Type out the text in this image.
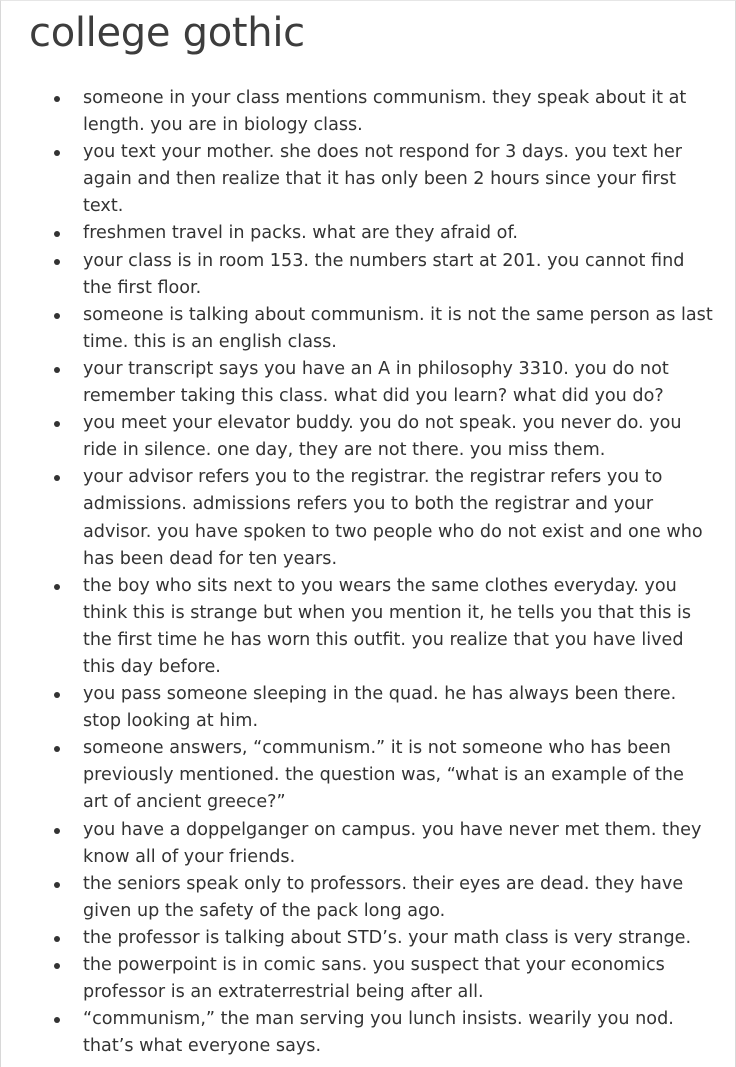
college gothic
someone in your class mentions communism. they speak about it at length. you are in biology class.
you text your mother. she does not respond for 3 days. you text her again and then realize that it has only been 2 hours since your first text.
freshmen travel in packs. what are they afraid of.
your class is in room 153. the numbers start at 201. you cannot find the first floor.
someone is talking about communism. it is not the same person as last time. this is an english class.
your transcript says you have an A in philosophy 3310. you do not remember taking this class. what did you learn? what did you do?
you meet your elevator buddy. you do not speak. you never do. you ride in silence. one day, they are not there. you miss them.
your advisor refers you to the registrar. the registrar refers you to admissions. admissions refers you to both the registrar and your advisor. you have spoken to two people who do not exist and one who has been dead for ten years.
the boy who sits next to you wears the same clothes everyday. you think this is strange but when you mention it, he tells you that this is the first time he has worn this outfit. you realize that you have lived this day before.
you pass someone sleeping in the quad. he has always been there. stop looking at him.
someone answers, “communism.” it is not someone who has been previously mentioned. the question was, “what is an example of the art of ancient greece?”
you have a doppelganger on campus. you have never met them. they know all of your friends.
the seniors speak only to professors. their eyes are dead. they have given up the safety of the pack long ago.
the professor is talking about STD’s. your math class is very strange.
the powerpoint is in comic sans. you suspect that your economics professor is an extraterrestrial being after all.
“communism,” the man serving you lunch insists. wearily you nod. that’s what everyone says.
